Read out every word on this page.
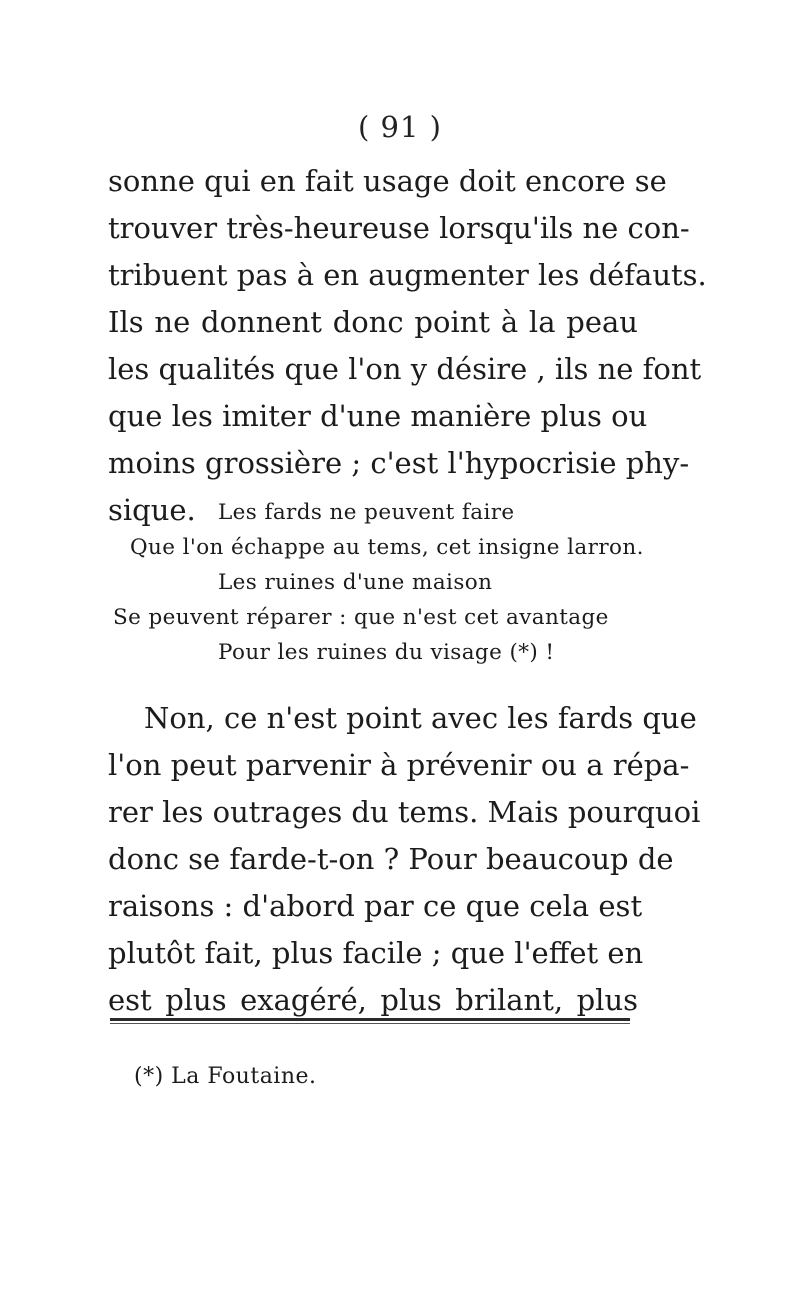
( 91 )
sonne qui en fait usage doit encore se
trouver très-heureuse lorsqu'ils ne con-
tribuent pas à en augmenter les défauts.
Ils ne donnent donc point à la peau
les qualités que l'on y désire , ils ne font
que les imiter d'une manière plus ou
moins grossière ; c'est l'hypocrisie phy-
sique.	Les fards ne peuvent faire
Que l'on échappe au tems, cet insigne larron.
Les ruines d'une maison
Se peuvent réparer : que n'est cet avantage
Pour les ruines du visage (*) !
Non, ce n'est point avec les fards que
l'on peut parvenir à prévenir ou a répa-
rer les outrages du tems. Mais pourquoi
donc se farde-t-on ? Pour beaucoup de
raisons : d'abord par ce que cela est
plutôt fait, plus facile ; que l'effet en
est plus exagéré, plus brilant, plus
(*) La Foutaine.
